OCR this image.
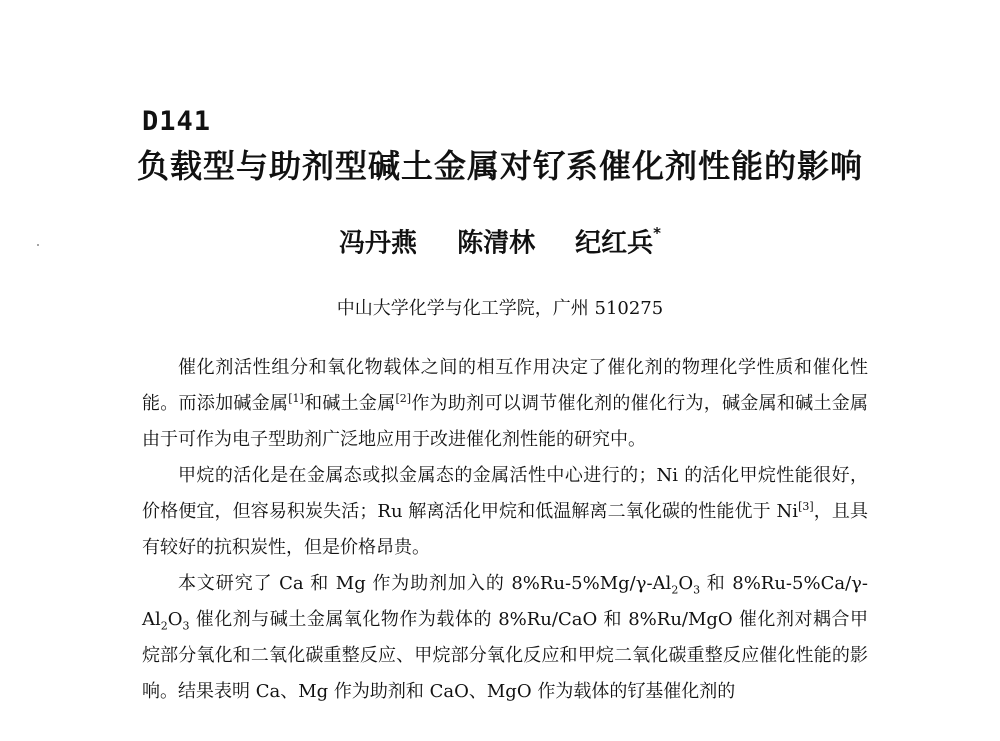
D141
负载型与助剂型碱土金属对钌系催化剂性能的影响

冯丹燕 陈清林 纪红兵*

中山大学化学与化工学院，广州 510275

催化剂活性组分和氧化物载体之间的相互作用决定了催化剂的物理化学性质和催化性能。而添加碱金属[1]和碱土金属[2]作为助剂可以调节催化剂的催化行为，碱金属和碱土金属由于可作为电子型助剂广泛地应用于改进催化剂性能的研究中。

甲烷的活化是在金属态或拟金属态的金属活性中心进行的；Ni 的活化甲烷性能很好，价格便宜，但容易积炭失活；Ru 解离活化甲烷和低温解离二氧化碳的性能优于 Ni[3]，且具有较好的抗积炭性，但是价格昂贵。

本文研究了 Ca 和 Mg 作为助剂加入的 $8\%Ru-5\%Mg/\gamma-Al_2O_3$ 和 $8\%Ru-5\%Ca/\gamma-Al_2O_3$ 催化剂与碱土金属氧化物作为载体的 8%Ru/CaO 和 8%Ru/MgO 催化剂对耦合甲烷部分氧化和二氧化碳重整反应、甲烷部分氧化反应和甲烷二氧化碳重整反应催化性能的影响。结果表明 Ca、Mg 作为助剂和 CaO、MgO 作为载体的钌基催化剂的
